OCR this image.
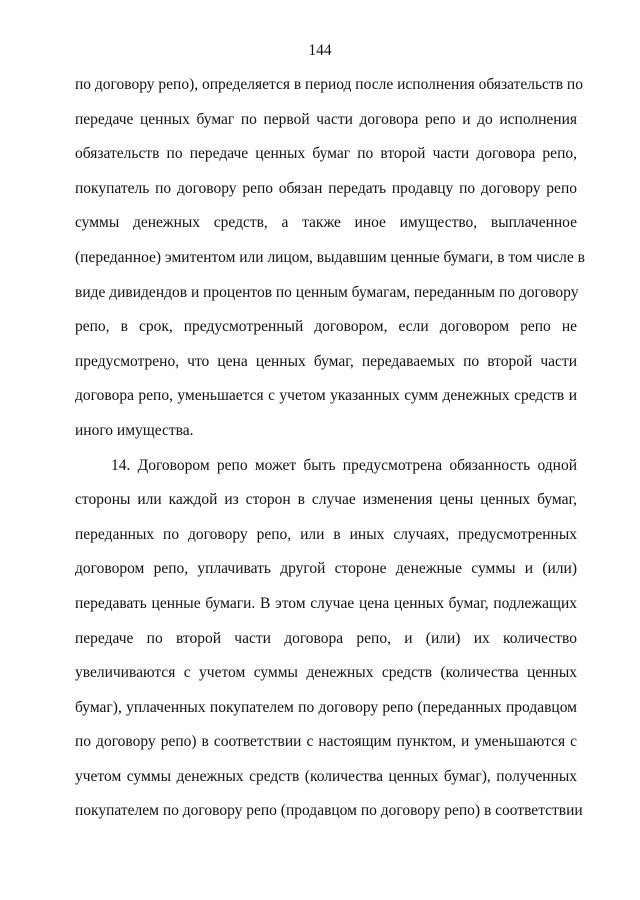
144
по договору репо), определяется в период после исполнения обязательств по
передаче ценных бумаг по первой части договора репо и до исполнения
обязательств по передаче ценных бумаг по второй части договора репо,
покупатель по договору репо обязан передать продавцу по договору репо
суммы денежных средств, а также иное имущество, выплаченное
(переданное) эмитентом или лицом, выдавшим ценные бумаги, в том числе в
виде дивидендов и процентов по ценным бумагам, переданным по договору
репо, в срок, предусмотренный договором, если договором репо не
предусмотрено, что цена ценных бумаг, передаваемых по второй части
договора репо, уменьшается с учетом указанных сумм денежных средств и
иного имущества.
14. Договором репо может быть предусмотрена обязанность одной
стороны или каждой из сторон в случае изменения цены ценных бумаг,
переданных по договору репо, или в иных случаях, предусмотренных
договором репо, уплачивать другой стороне денежные суммы и (или)
передавать ценные бумаги. В этом случае цена ценных бумаг, подлежащих
передаче по второй части договора репо, и (или) их количество
увеличиваются с учетом суммы денежных средств (количества ценных
бумаг), уплаченных покупателем по договору репо (переданных продавцом
по договору репо) в соответствии с настоящим пунктом, и уменьшаются с
учетом суммы денежных средств (количества ценных бумаг), полученных
покупателем по договору репо (продавцом по договору репо) в соответствии
